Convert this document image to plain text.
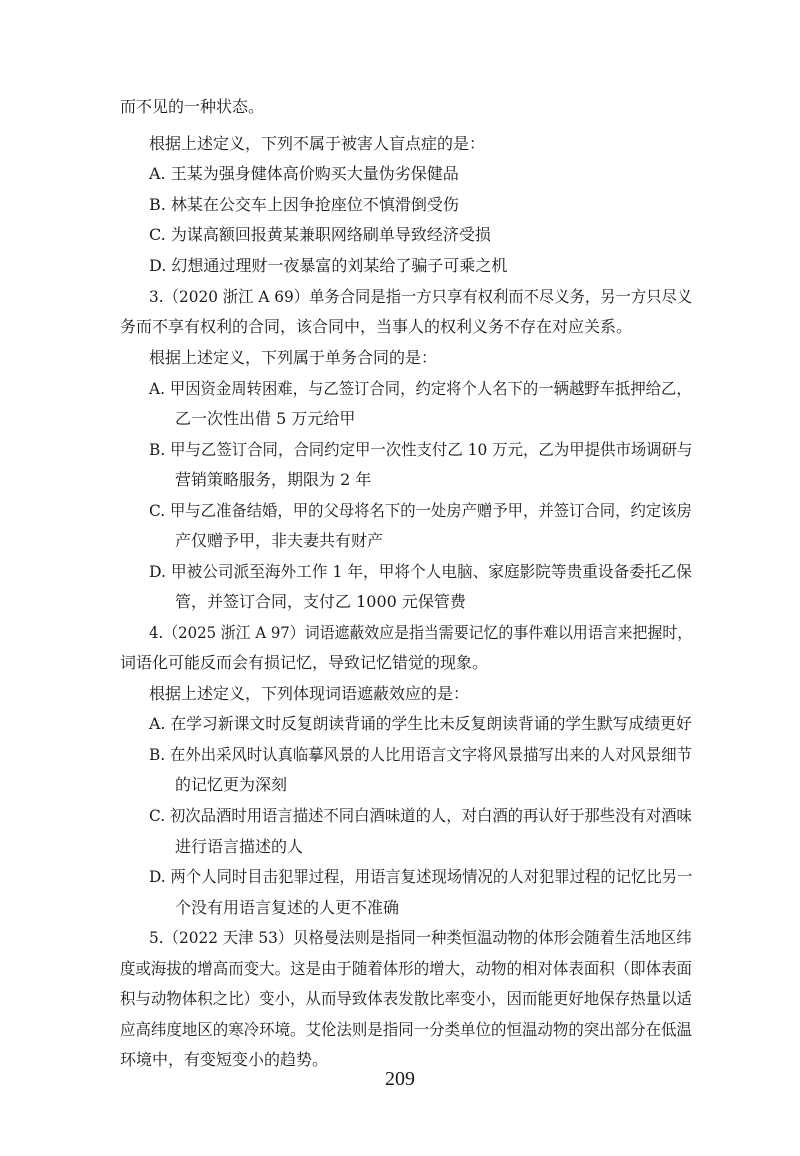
而不见的一种状态。
根据上述定义，下列不属于被害人盲点症的是：
A. 王某为强身健体高价购买大量伪劣保健品
B. 林某在公交车上因争抢座位不慎滑倒受伤
C. 为谋高额回报黄某兼职网络刷单导致经济受损
D. 幻想通过理财一夜暴富的刘某给了骗子可乘之机
3.（2020 浙江 A 69）单务合同是指一方只享有权利而不尽义务，另一方只尽义
务而不享有权利的合同，该合同中，当事人的权利义务不存在对应关系。
根据上述定义，下列属于单务合同的是：
A. 甲因资金周转困难，与乙签订合同，约定将个人名下的一辆越野车抵押给乙，
乙一次性出借 5 万元给甲
B. 甲与乙签订合同，合同约定甲一次性支付乙 10 万元，乙为甲提供市场调研与
营销策略服务，期限为 2 年
C. 甲与乙准备结婚，甲的父母将名下的一处房产赠予甲，并签订合同，约定该房
产仅赠予甲，非夫妻共有财产
D. 甲被公司派至海外工作 1 年，甲将个人电脑、家庭影院等贵重设备委托乙保
管，并签订合同，支付乙 1000 元保管费
4.（2025 浙江 A 97）词语遮蔽效应是指当需要记忆的事件难以用语言来把握时，
词语化可能反而会有损记忆，导致记忆错觉的现象。
根据上述定义，下列体现词语遮蔽效应的是：
A. 在学习新课文时反复朗读背诵的学生比未反复朗读背诵的学生默写成绩更好
B. 在外出采风时认真临摹风景的人比用语言文字将风景描写出来的人对风景细节
的记忆更为深刻
C. 初次品酒时用语言描述不同白酒味道的人，对白酒的再认好于那些没有对酒味
进行语言描述的人
D. 两个人同时目击犯罪过程，用语言复述现场情况的人对犯罪过程的记忆比另一
个没有用语言复述的人更不准确
5.（2022 天津 53）贝格曼法则是指同一种类恒温动物的体形会随着生活地区纬
度或海拔的增高而变大。这是由于随着体形的增大，动物的相对体表面积（即体表面
积与动物体积之比）变小，从而导致体表发散比率变小，因而能更好地保存热量以适
应高纬度地区的寒冷环境。艾伦法则是指同一分类单位的恒温动物的突出部分在低温
环境中，有变短变小的趋势。
209
